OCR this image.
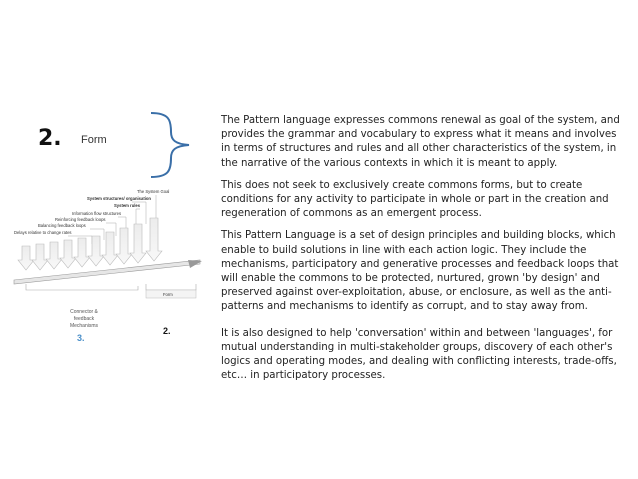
2. Form
The System Goal
System structures/ organisation
System rules
Information flow structures
Reinforcing feedback loops
Balancing feedback loops
Delays relative to change rates
Form
Connector &
feedback
Mechanisms
3.
2.

The Pattern language expresses commons renewal as goal of the system, and provides the grammar and vocabulary to express what it means and involves in terms of structures and rules and all other characteristics of the system, in the narrative of the various contexts in which it is meant to apply.

This does not seek to exclusively create commons forms, but to create conditions for any activity to participate in whole or part in the creation and regeneration of commons as an emergent process.

This Pattern Language is a set of design principles and building blocks, which enable to build solutions in line with each action logic. They include the mechanisms, participatory and generative processes and feedback loops that will enable the commons to be protected, nurtured, grown 'by design' and preserved against over-exploitation, abuse, or enclosure, as well as the anti-patterns and mechanisms to identify as corrupt, and to stay away from.

It is also designed to help 'conversation' within and between 'languages', for mutual understanding in multi-stakeholder groups, discovery of each other's logics and operating modes, and dealing with conflicting interests, trade-offs, etc… in participatory processes.
